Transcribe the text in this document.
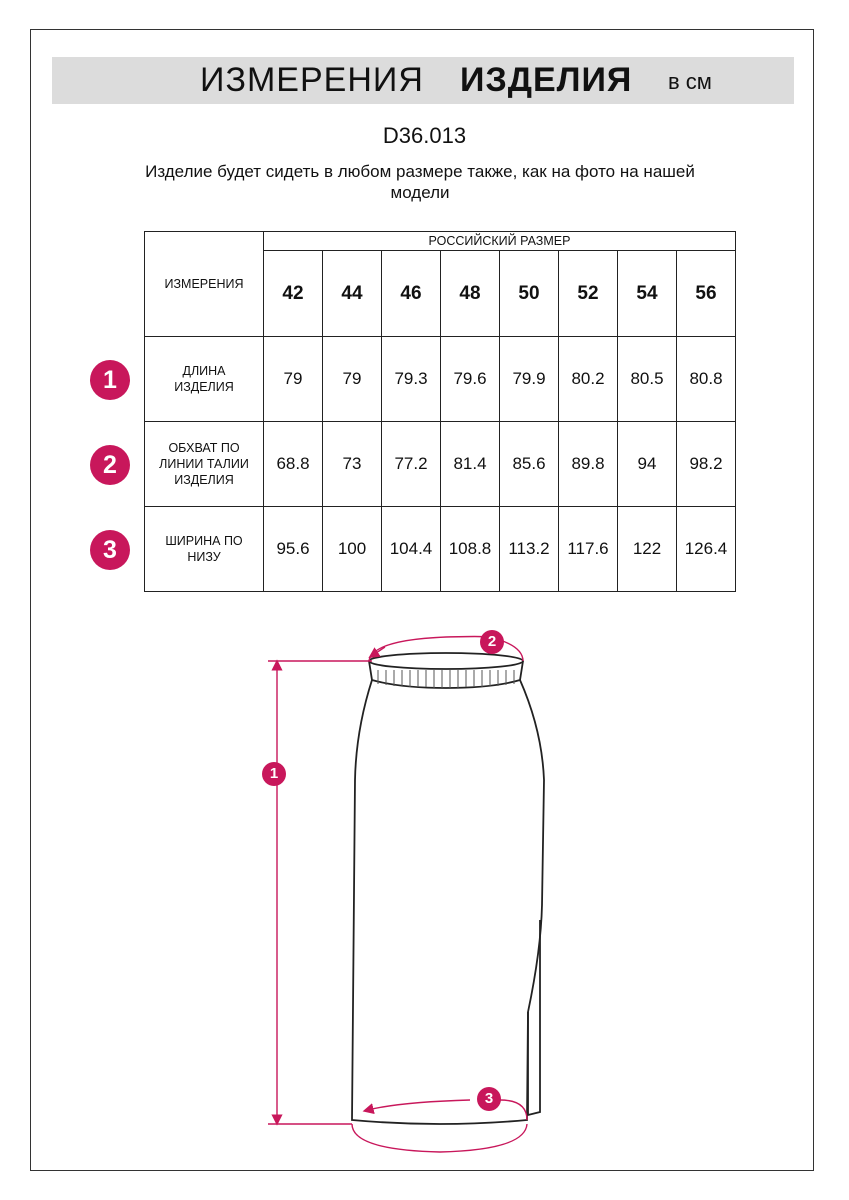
ИЗМЕРЕНИЯ ИЗДЕЛИЯ в см
D36.013
Изделие будет сидеть в любом размере также, как на фото на нашей модели
ИЗМЕРЕНИЯ	РОССИЙСКИЙ РАЗМЕР							
	42	44	46	48	50	52	54	56
ДЛИНА ИЗДЕЛИЯ	79	79	79.3	79.6	79.9	80.2	80.5	80.8
ОБХВАТ ПО ЛИНИИ ТАЛИИ ИЗДЕЛИЯ	68.8	73	77.2	81.4	85.6	89.8	94	98.2
ШИРИНА ПО НИЗУ	95.6	100	104.4	108.8	113.2	117.6	122	126.4
1
2
3
1
2
3
